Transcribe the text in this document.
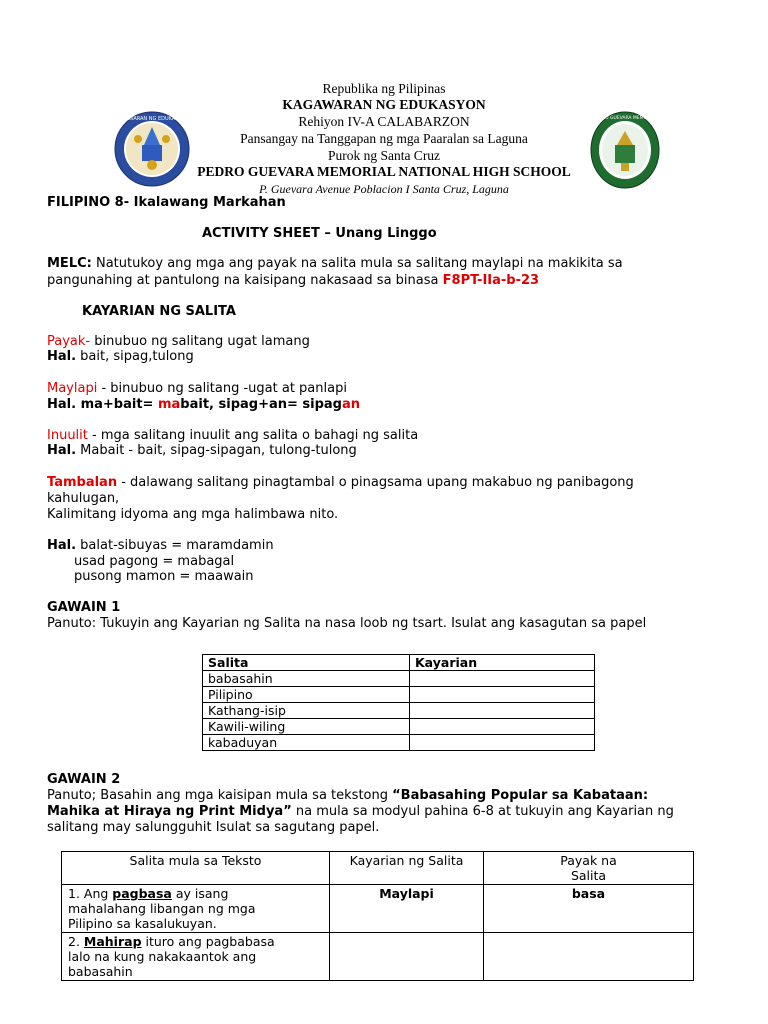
KAGAWARAN NG EDUKASYON	PEDRO GUEVARA MEMORIAL
Republika ng Pilipinas
KAGAWARAN NG EDUKASYON
Rehiyon IV-A CALABARZON
Pansangay na Tanggapan ng mga Paaralan sa Laguna
Purok ng Santa Cruz
PEDRO GUEVARA MEMORIAL NATIONAL HIGH SCHOOL
P. Guevara Avenue Poblacion I Santa Cruz, Laguna
FILIPINO 8- Ikalawang Markahan
ACTIVITY SHEET – Unang Linggo
MELC: Natutukoy ang mga ang payak na salita mula sa salitang maylapi na makikita sa
pangunahing at pantulong na kaisipang nakasaad sa binasa F8PT-IIa-b-23
KAYARIAN NG SALITA
Payak- binubuo ng salitang ugat lamang
Hal. bait, sipag,tulong
Maylapi - binubuo ng salitang -ugat at panlapi
Hal. ma+bait= mabait, sipag+an= sipagan
Inuulit - mga salitang inuulit ang salita o bahagi ng salita
Hal. Mabait - bait, sipag-sipagan, tulong-tulong
Tambalan - dalawang salitang pinagtambal o pinagsama upang makabuo ng panibagong
kahulugan,
Kalimitang idyoma ang mga halimbawa nito.
Hal. balat-sibuyas = maramdamin
usad pagong = mabagal
pusong mamon = maawain
GAWAIN 1
Panuto: Tukuyin ang Kayarian ng Salita na nasa loob ng tsart. Isulat ang kasagutan sa papel
Salita	Kayarian
babasahin	
Pilipino	
Kathang-isip	
Kawili-wiling	
kabaduyan	
GAWAIN 2
Panuto; Basahin ang mga kaisipan mula sa tekstong “Babasahing Popular sa Kabataan:
Mahika at Hiraya ng Print Midya” na mula sa modyul pahina 6-8 at tukuyin ang Kayarian ng
salitang may salungguhit Isulat sa sagutang papel.
Salita mula sa Teksto	Kayarian ng Salita	Payak na
Salita
1. Ang pagbasa ay isang
mahalahang libangan ng mga
Pilipino sa kasalukuyan.	Maylapi	basa
2. Mahirap ituro ang pagbabasa
lalo na kung nakakaantok ang
babasahin		
